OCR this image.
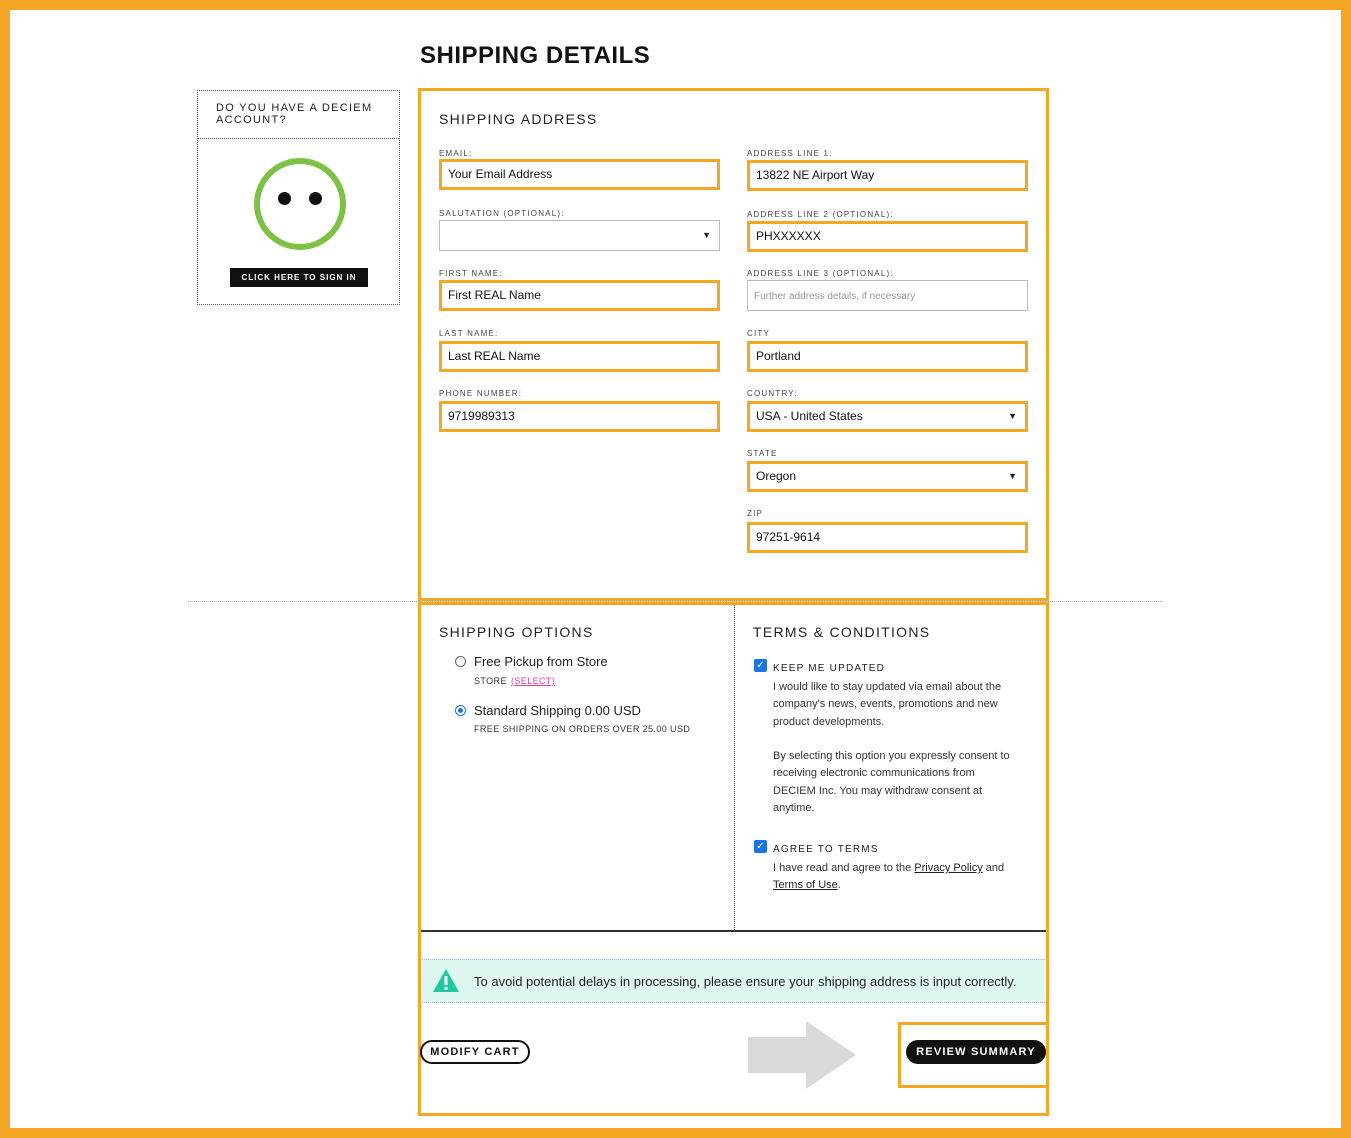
SHIPPING DETAILS
DO YOU HAVE A DECIEM ACCOUNT?
CLICK HERE TO SIGN IN
SHIPPING ADDRESS
EMAIL:
Your Email Address
SALUTATION (OPTIONAL):
▼
FIRST NAME:
First REAL Name
LAST NAME:
Last REAL Name
PHONE NUMBER:
9719989313
ADDRESS LINE 1:
13822 NE Airport Way
ADDRESS LINE 2 (OPTIONAL):
PHXXXXXX
ADDRESS LINE 3 (OPTIONAL):
Further address details, if necessary
CITY
Portland
COUNTRY:
USA - United States	▼
STATE
Oregon	▼
ZIP
97251-9614
SHIPPING OPTIONS
Free Pickup from Store
STORE (SELECT)
Standard Shipping 0.00 USD
FREE SHIPPING ON ORDERS OVER 25.00 USD
TERMS & CONDITIONS
✓ KEEP ME UPDATED
I would like to stay updated via email about the company's news, events, promotions and new product developments.
By selecting this option you expressly consent to receiving electronic communications from DECIEM Inc. You may withdraw consent at anytime.
✓ AGREE TO TERMS
I have read and agree to the Privacy Policy and Terms of Use.
To avoid potential delays in processing, please ensure your shipping address is input correctly.
MODIFY CART	REVIEW SUMMARY
